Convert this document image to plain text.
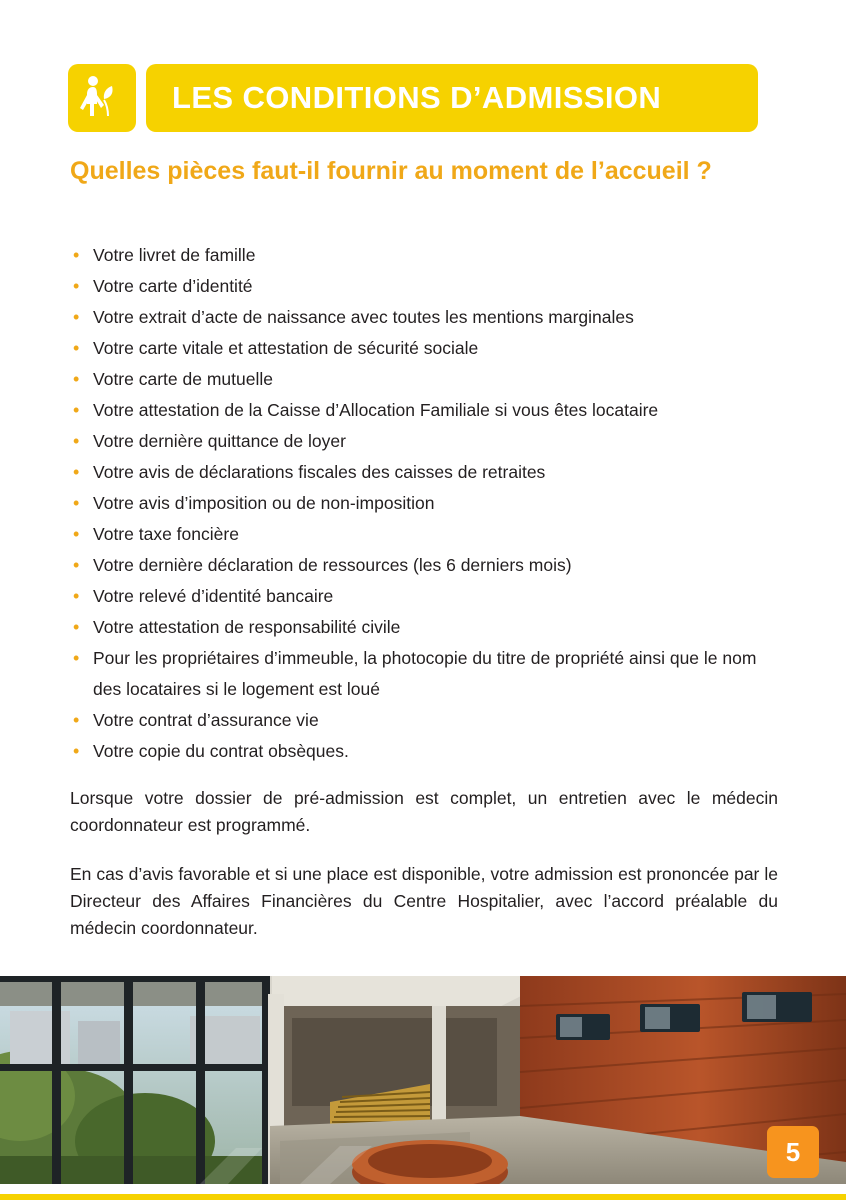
LES CONDITIONS D’ADMISSION
Quelles pièces faut-il fournir au moment de l’accueil ?
• Votre livret de famille
• Votre carte d’identité
• Votre extrait d’acte de naissance avec toutes les mentions marginales
• Votre carte vitale et attestation de sécurité sociale
• Votre carte de mutuelle
• Votre attestation de la Caisse d’Allocation Familiale si vous êtes locataire
• Votre dernière quittance de loyer
• Votre avis de déclarations fiscales des caisses de retraites
• Votre avis d’imposition ou de non-imposition
• Votre taxe foncière
• Votre dernière déclaration de ressources (les 6 derniers mois)
• Votre relevé d’identité bancaire
• Votre attestation de responsabilité civile
• Pour les propriétaires d’immeuble, la photocopie du titre de propriété ainsi que le nom des locataires si le logement est loué
• Votre contrat d’assurance vie
• Votre copie du contrat obsèques.
Lorsque votre dossier de pré-admission est complet, un entretien avec le médecin coordonnateur est programmé.
En cas d’avis favorable et si une place est disponible, votre admission est prononcée par le Directeur des Affaires Financières du Centre Hospitalier, avec l’accord préalable du médecin coordonnateur.
5
